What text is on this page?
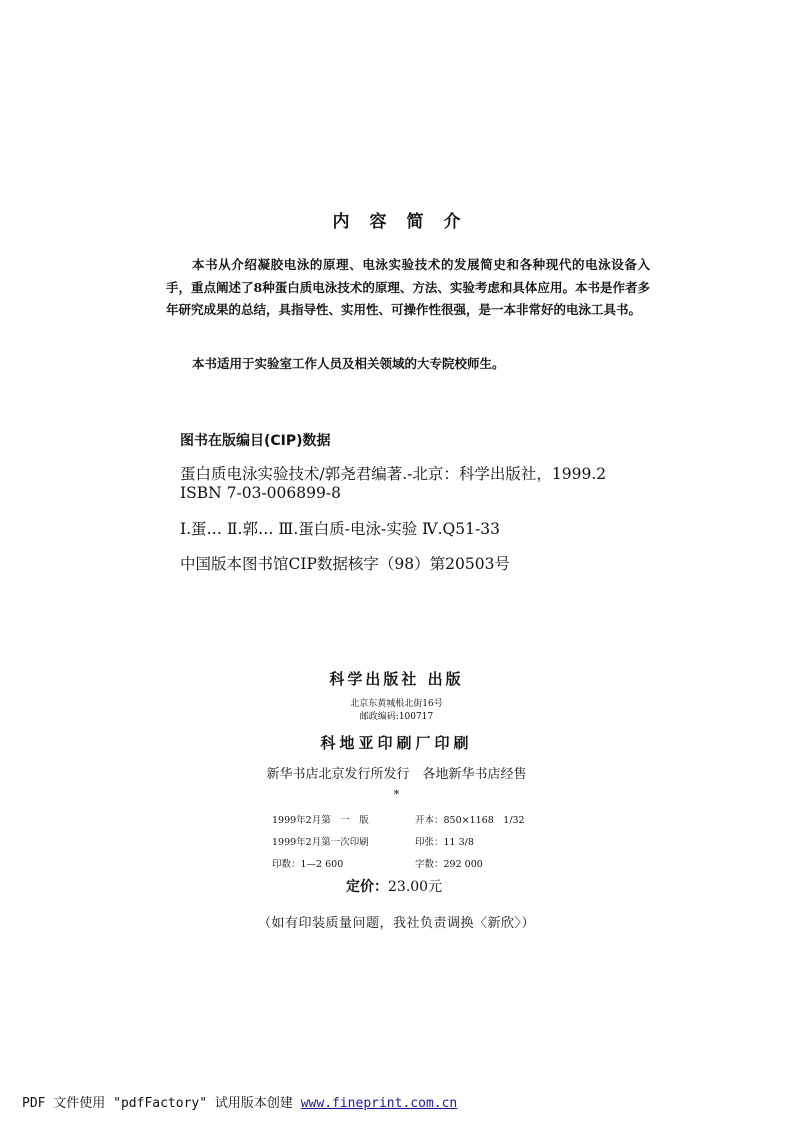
内容简介
本书从介绍凝胶电泳的原理、电泳实验技术的发展简史和各种现代的电泳设备入手，重点阐述了8种蛋白质电泳技术的原理、方法、实验考虑和具体应用。本书是作者多年研究成果的总结，具指导性、实用性、可操作性很强，是一本非常好的电泳工具书。
本书适用于实验室工作人员及相关领域的大专院校师生。
图书在版编目(CIP)数据
蛋白质电泳实验技术/郭尧君编著.-北京：科学出版社，1999.2
ISBN 7-03-006899-8
Ⅰ.蛋… Ⅱ.郭… Ⅲ.蛋白质-电泳-实验 Ⅳ.Q51-33
中国版本图书馆CIP数据核字（98）第20503号
科学出版社 出版
北京东黄城根北街16号
邮政编码:100717
科地亚印刷厂印刷
新华书店北京发行所发行　各地新华书店经售
*
1999年2月第　一　版	开本：850×1168　1/32
1999年2月第一次印刷	印张：11 3/8
印数：1—2 600	字数：292 000
定价：23.00元
（如有印装质量问题，我社负责调换〈新欣〉）
PDF 文件使用 "pdfFactory" 试用版本创建 www.fineprint.com.cn
